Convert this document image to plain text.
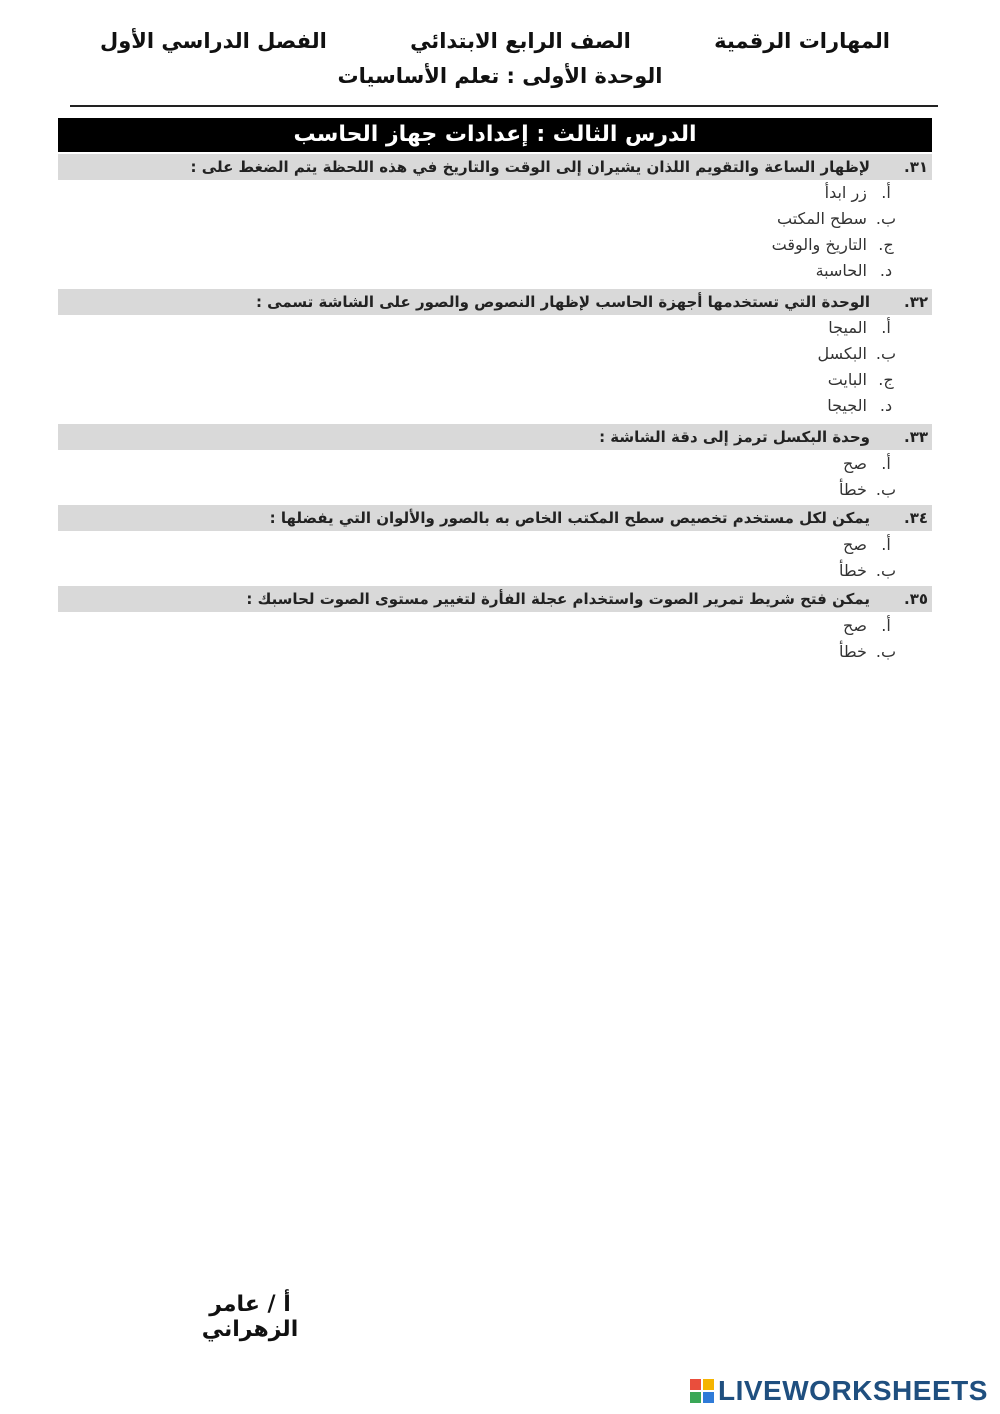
المهارات الرقمية
الصف الرابع الابتدائي
الفصل الدراسي الأول
الوحدة الأولى : تعلم الأساسيات
الدرس الثالث : إعدادات جهاز الحاسب
٣١.لإظهار الساعة والتقويم اللذان يشيران إلى الوقت والتاريخ في هذه اللحظة يتم الضغط على :
أ. زر ابدأ
ب. سطح المكتب
ج. التاريخ والوقت
د. الحاسبة
٣٢.الوحدة التي تستخدمها أجهزة الحاسب لإظهار النصوص والصور على الشاشة تسمى :
أ. الميجا
ب. البكسل
ج. البايت
د. الجيجا
٣٣.وحدة البكسل ترمز إلى دقة الشاشة :
أ. صح
ب. خطأ
٣٤.يمكن لكل مستخدم تخصيص سطح المكتب الخاص به بالصور والألوان التي يفضلها :
أ. صح
ب. خطأ
٣٥.يمكن فتح شريط تمرير الصوت واستخدام عجلة الفأرة لتغيير مستوى الصوت لحاسبك :
أ. صح
ب. خطأ
أ / عامر الزهراني
LIVEWORKSHEETS
